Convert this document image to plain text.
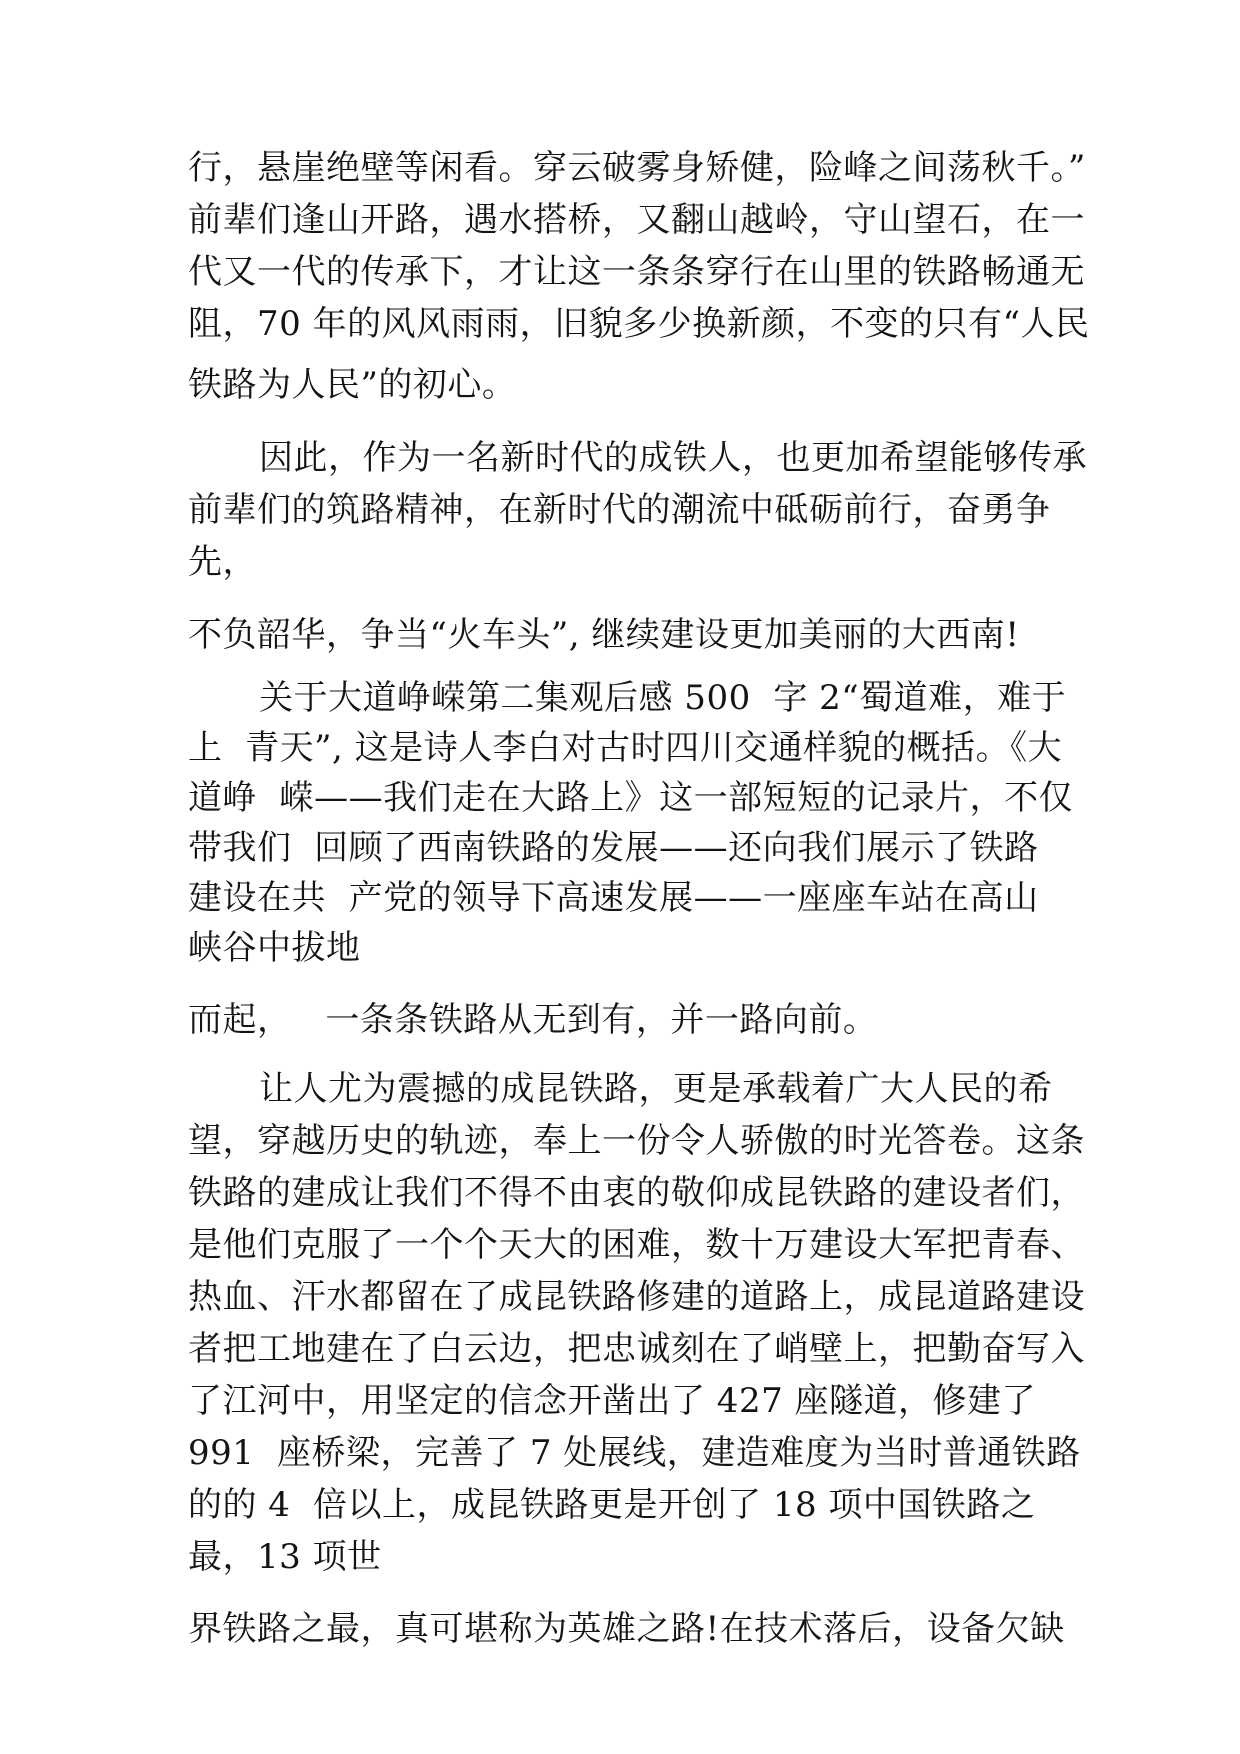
行，悬崖绝壁等闲看。穿云破雾身矫健，险峰之间荡秋千。”
前辈们逢山开路，遇水搭桥，又翻山越岭，守山望石，在一
代又一代的传承下，才让这一条条穿行在山里的铁路畅通无
阻，70 年的风风雨雨，旧貌多少换新颜，不变的只有“人民
铁路为人民”的初心。
因此，作为一名新时代的成铁人，也更加希望能够传承
前辈们的筑路精神，在新时代的潮流中砥砺前行，奋勇争
先，
不负韶华，争当“火车头”, 继续建设更加美丽的大西南!
关于大道峥嵘第二集观后感 500  字 2“蜀道难，难于
上  青天”, 这是诗人李白对古时四川交通样貌的概括。《大
道峥  嵘——我们走在大路上》这一部短短的记录片，不仅
带我们  回顾了西南铁路的发展——还向我们展示了铁路
建设在共  产党的领导下高速发展——一座座车站在高山
峡谷中拔地
而起，   一条条铁路从无到有，并一路向前。
让人尤为震撼的成昆铁路，更是承载着广大人民的希
望，穿越历史的轨迹，奉上一份令人骄傲的时光答卷。这条
铁路的建成让我们不得不由衷的敬仰成昆铁路的建设者们，
是他们克服了一个个天大的困难，数十万建设大军把青春、
热血、汗水都留在了成昆铁路修建的道路上，成昆道路建设
者把工地建在了白云边，把忠诚刻在了峭壁上，把勤奋写入
了江河中，用坚定的信念开凿出了 427 座隧道，修建了
991  座桥梁，完善了 7 处展线，建造难度为当时普通铁路
的的 4  倍以上，成昆铁路更是开创了 18 项中国铁路之
最，13 项世
界铁路之最，真可堪称为英雄之路!在技术落后，设备欠缺
